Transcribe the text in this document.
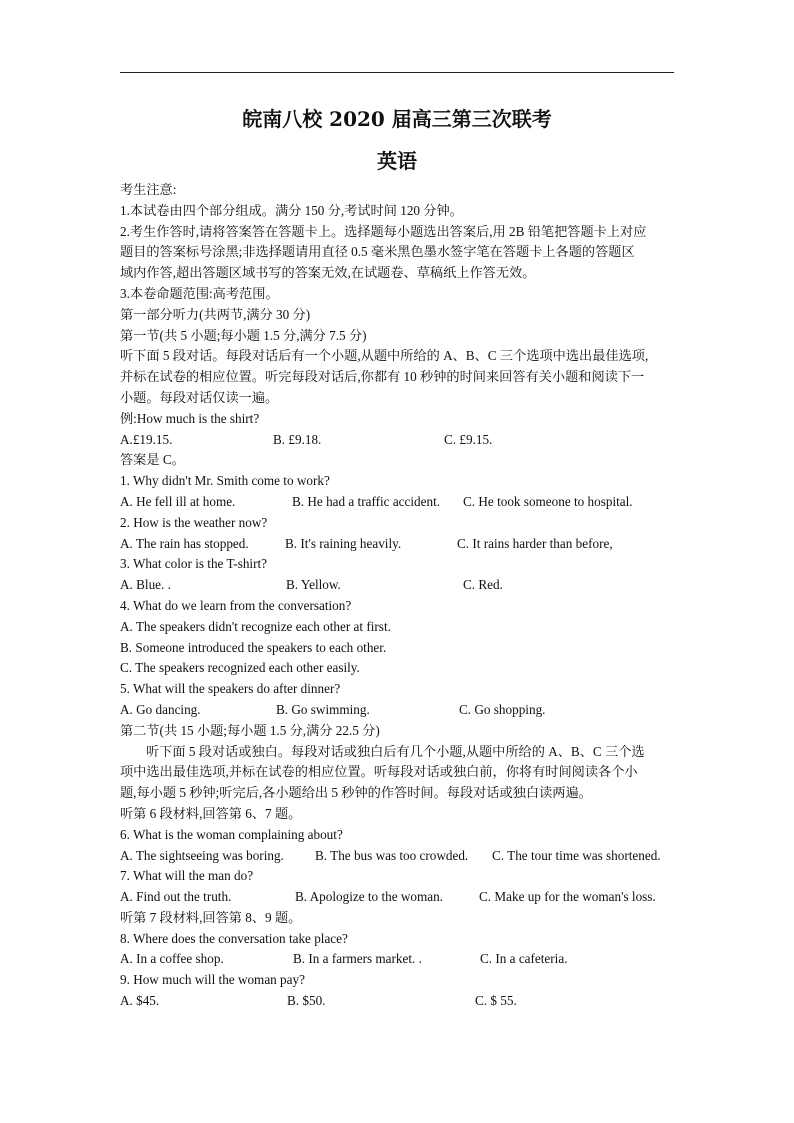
皖南八校 2020 届高三第三次联考
英语
考生注意:
1.本试卷由四个部分组成。满分 150 分,考试时间 120 分钟。
2.考生作答时,请将答案答在答题卡上。选择题每小题选出答案后,用 2B 铅笔把答题卡上对应
题目的答案标号涂黑;非选择题请用直径 0.5 毫米黑色墨水签字笔在答题卡上各题的答题区
域内作答,超出答题区域书写的答案无效,在试题卷、草稿纸上作答无效。
3.本卷命题范围:高考范围。
第一部分听力(共两节,满分 30 分)
第一节(共 5 小题;每小题 1.5 分,满分 7.5 分)
听下面 5 段对话。每段对话后有一个小题,从题中所给的 A、B、C 三个选项中选出最佳选项,
并标在试卷的相应位置。听完每段对话后,你都有 10 秒钟的时间来回答有关小题和阅读下一
小题。每段对话仅读一遍。
例:How much is the shirt?
A.£19.15.	B. £9.18.	C. £9.15.
答案是 C。
1. Why didn't Mr. Smith come to work?
A. He fell ill at home.	B. He had a traffic accident. C. He took someone to hospital.
2. How is the weather now?
A. The rain has stopped.	B. It's raining heavily.	C. It rains harder than before,
3. What color is the T-shirt?
A. Blue. .	B. Yellow.	C. Red.
4. What do we learn from the conversation?
A. The speakers didn't recognize each other at first.
B. Someone introduced the speakers to each other.
C. The speakers recognized each other easily.
5. What will the speakers do after dinner?
A. Go dancing.	B. Go swimming.	C. Go shopping.
第二节(共 15 小题;每小题 1.5 分,满分 22.5 分)
听下面 5 段对话或独白。每段对话或独白后有几个小题,从题中所给的 A、B、C 三个选
项中选出最佳选项,并标在试卷的相应位置。听每段对话或独白前，你将有时间阅读各个小
题,每小题 5 秒钟;听完后,各小题给出 5 秒钟的作答时间。每段对话或独白读两遍。
听第 6 段材料,回答第 6、7 题。
6. What is the woman complaining about?
A. The sightseeing was boring. B. The bus was too crowded. C. The tour time was shortened.
7. What will the man do?
A. Find out the truth.	B. Apologize to the woman.	C. Make up for the woman's loss.
听第 7 段材料,回答第 8、9 题。
8. Where does the conversation take place?
A. In a coffee shop.	B. In a farmers market. .	C. In a cafeteria.
9. How much will the woman pay?
A. $45.	B. $50.	C. $ 55.
